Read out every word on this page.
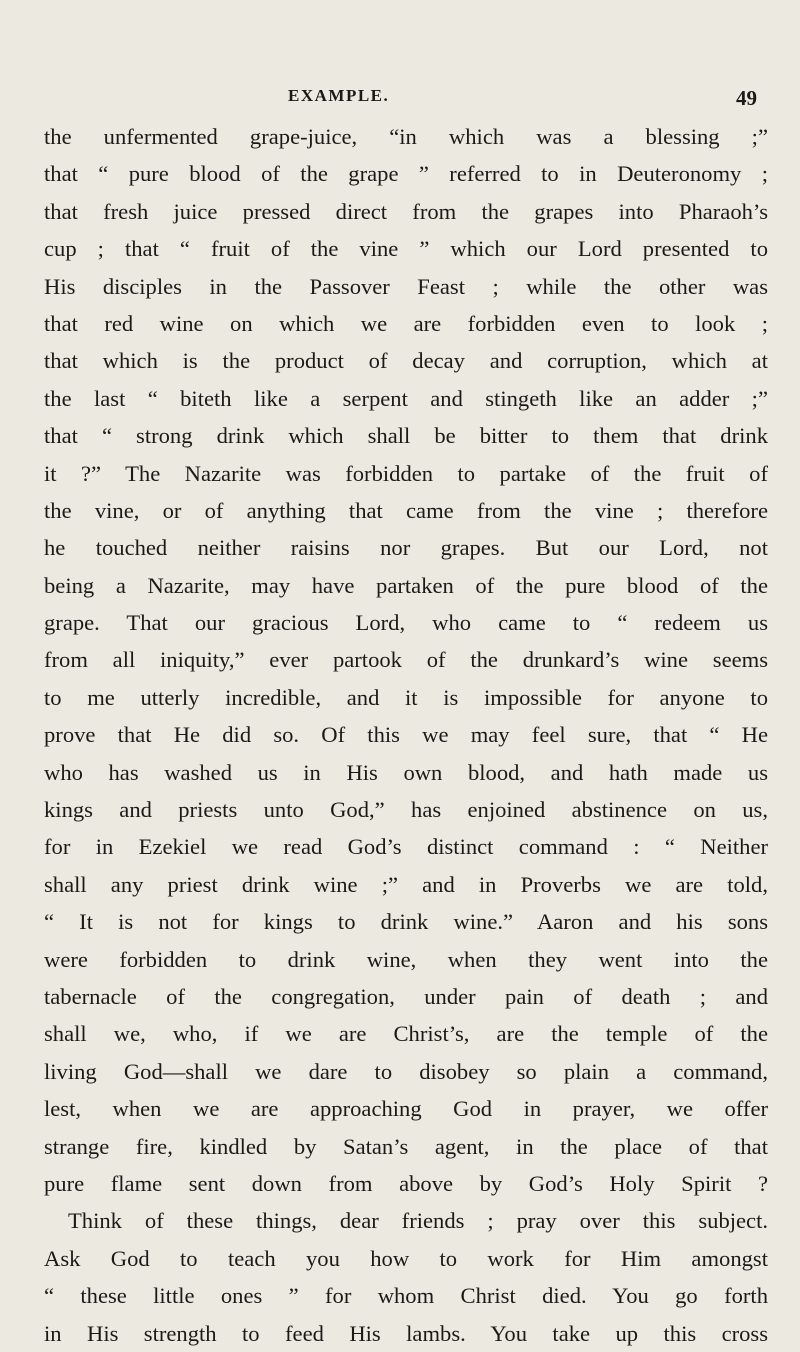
EXAMPLE.	49
the unfermented grape-juice, “in which was a blessing ;”
that “ pure blood of the grape ” referred to in Deuteronomy ;
that fresh juice pressed direct from the grapes into Pharaoh’s
cup ; that “ fruit of the vine ” which our Lord presented to
His disciples in the Passover Feast ; while the other was
that red wine on which we are forbidden even to look ;
that which is the product of decay and corruption, which at
the last “ biteth like a serpent and stingeth like an adder ;”
that “ strong drink which shall be bitter to them that drink
it ?” The Nazarite was forbidden to partake of the fruit of
the vine, or of anything that came from the vine ; therefore
he touched neither raisins nor grapes. But our Lord, not
being a Nazarite, may have partaken of the pure blood of the
grape. That our gracious Lord, who came to “ redeem us
from all iniquity,” ever partook of the drunkard’s wine seems
to me utterly incredible, and it is impossible for anyone to
prove that He did so. Of this we may feel sure, that “ He
who has washed us in His own blood, and hath made us
kings and priests unto God,” has enjoined abstinence on us,
for in Ezekiel we read God’s distinct command : “ Neither
shall any priest drink wine ;” and in Proverbs we are told,
“ It is not for kings to drink wine.” Aaron and his sons
were forbidden to drink wine, when they went into the
tabernacle of the congregation, under pain of death ; and
shall we, who, if we are Christ’s, are the temple of the
living God—shall we dare to disobey so plain a command,
lest, when we are approaching God in prayer, we offer
strange fire, kindled by Satan’s agent, in the place of that
pure flame sent down from above by God’s Holy Spirit ?
Think of these things, dear friends ; pray over this subject.
Ask God to teach you how to work for Him amongst
“ these little ones ” for whom Christ died. You go forth
in His strength to feed His lambs. You take up this cross
